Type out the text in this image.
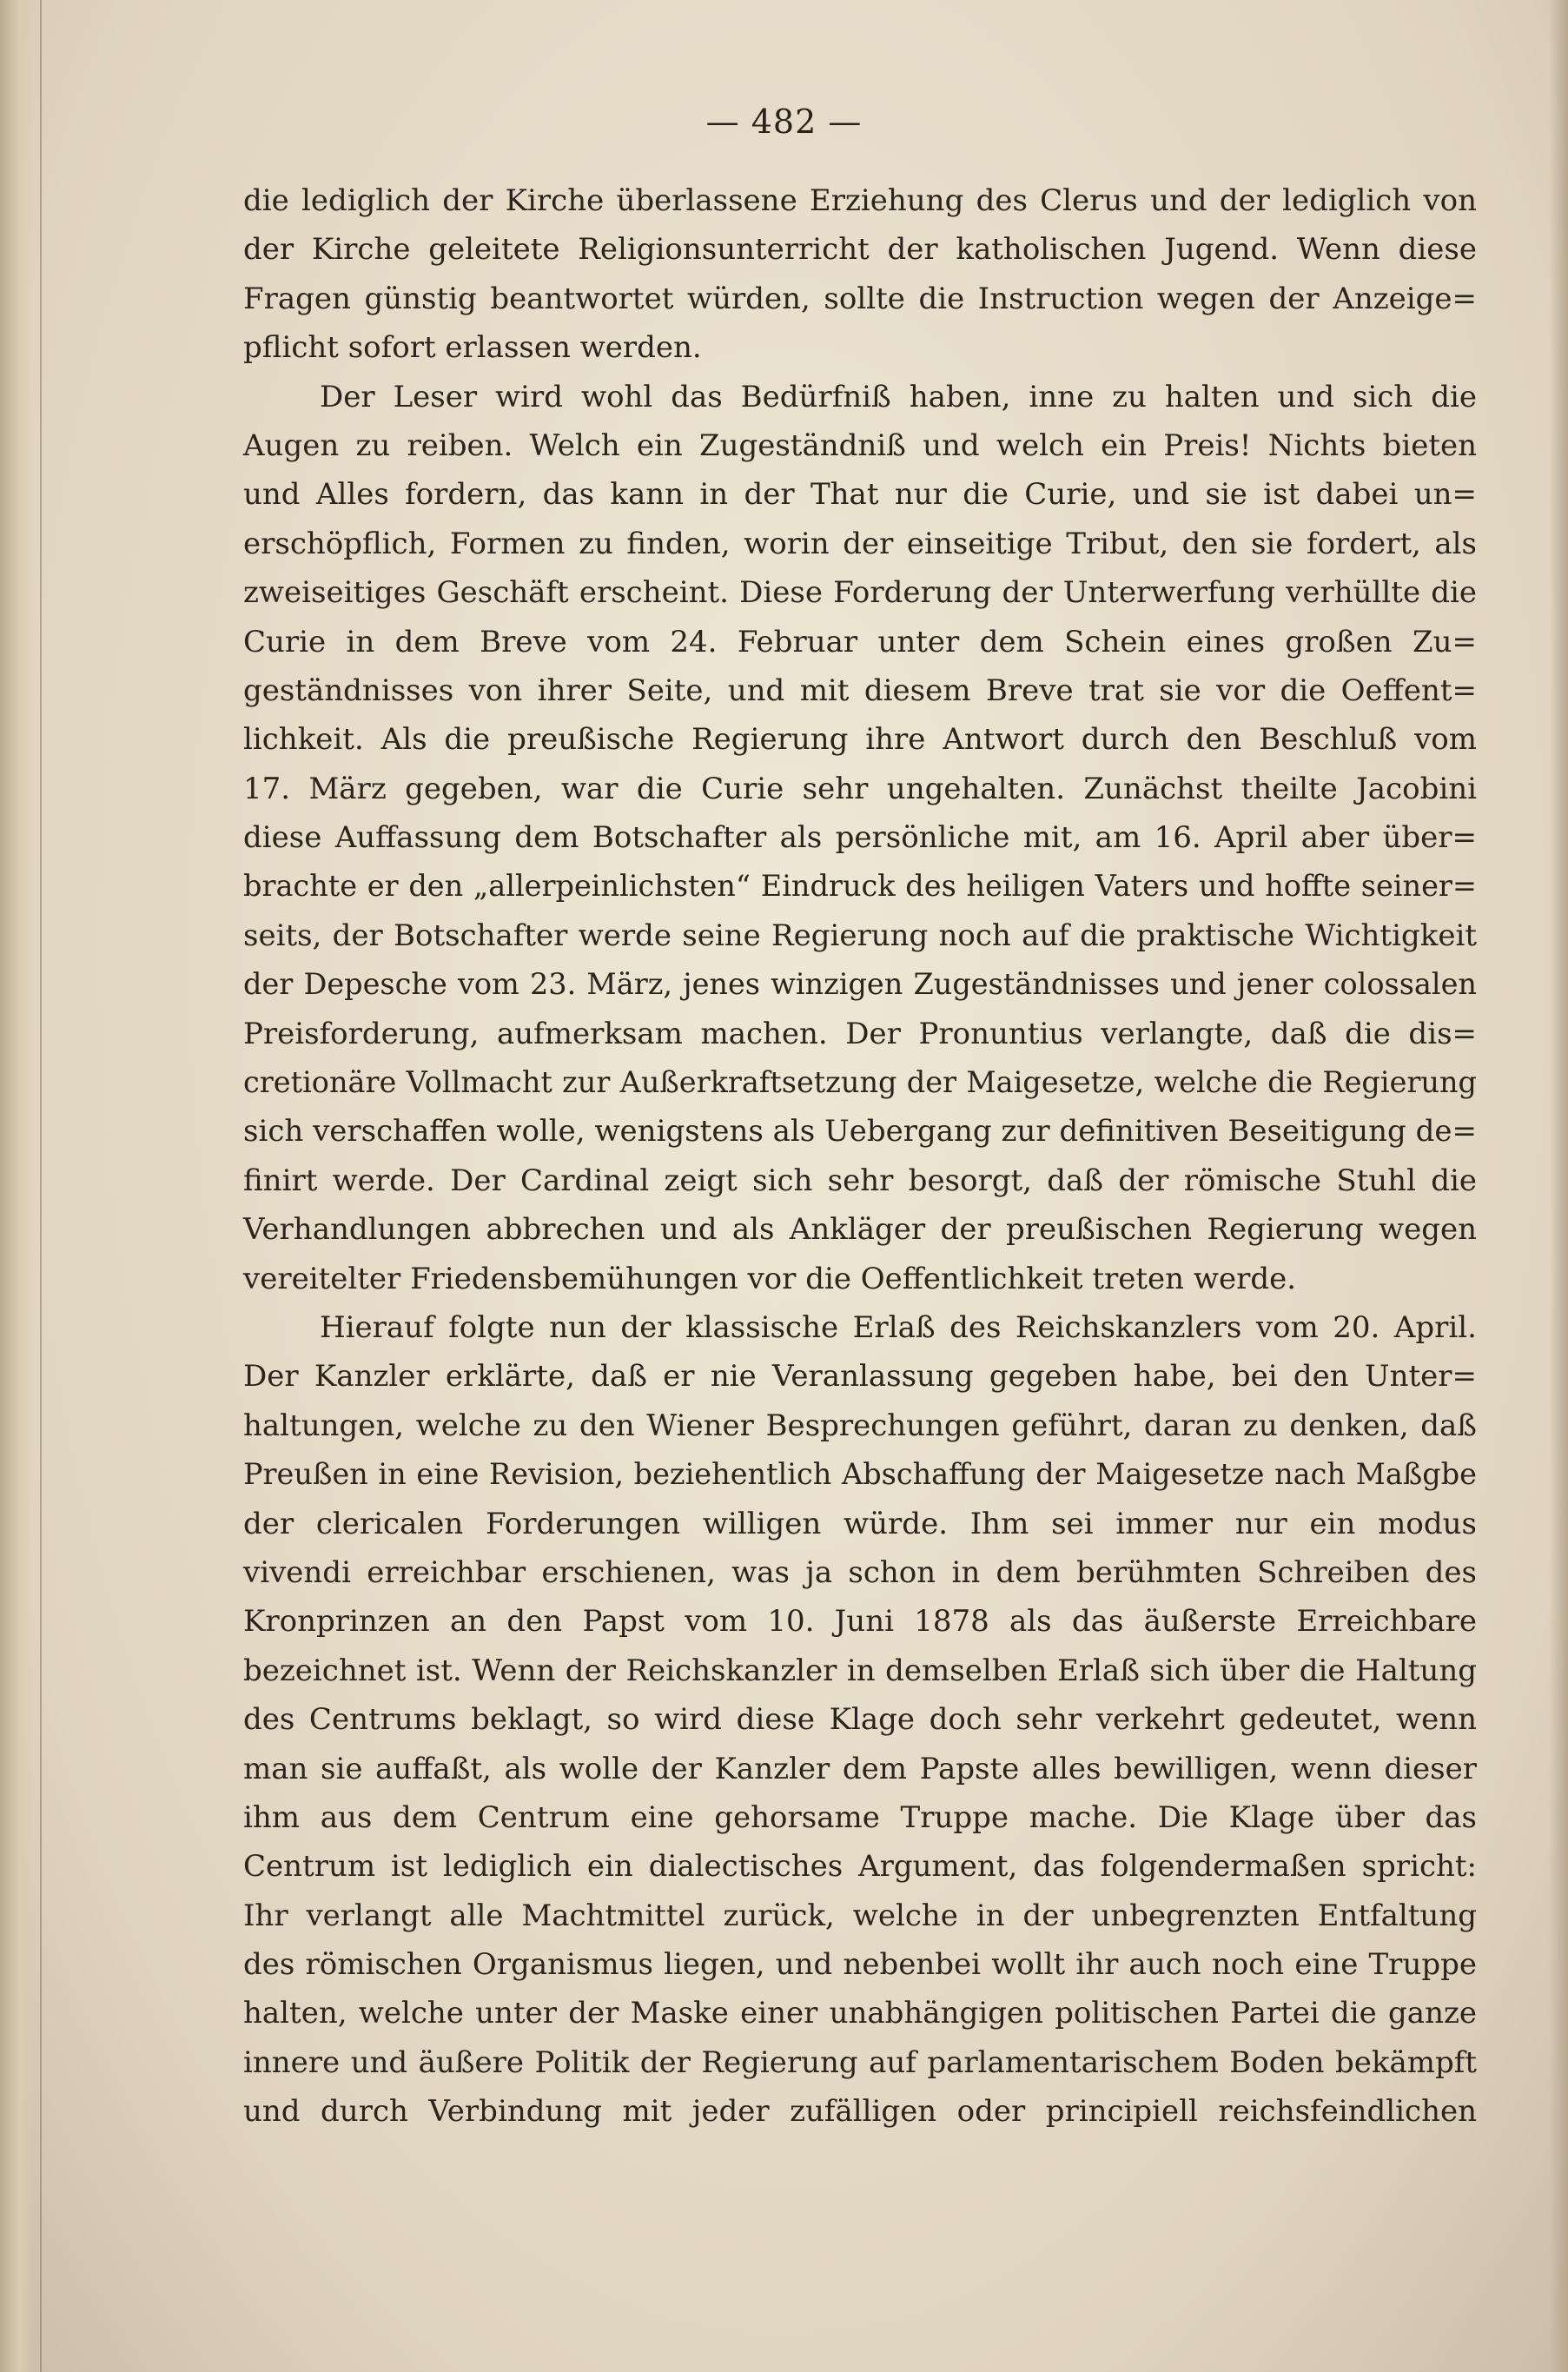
— 482 —
die lediglich der Kirche überlassene Erziehung des Clerus und der lediglich von
der Kirche geleitete Religionsunterricht der katholischen Jugend. Wenn diese
Fragen günstig beantwortet würden, sollte die Instruction wegen der Anzeige=
pflicht sofort erlassen werden.
Der Leser wird wohl das Bedürfniß haben, inne zu halten und sich die
Augen zu reiben. Welch ein Zugeständniß und welch ein Preis! Nichts bieten
und Alles fordern, das kann in der That nur die Curie, und sie ist dabei un=
erschöpflich, Formen zu finden, worin der einseitige Tribut, den sie fordert, als
zweiseitiges Geschäft erscheint. Diese Forderung der Unterwerfung verhüllte die
Curie in dem Breve vom 24. Februar unter dem Schein eines großen Zu=
geständnisses von ihrer Seite, und mit diesem Breve trat sie vor die Oeffent=
lichkeit. Als die preußische Regierung ihre Antwort durch den Beschluß vom
17. März gegeben, war die Curie sehr ungehalten. Zunächst theilte Jacobini
diese Auffassung dem Botschafter als persönliche mit, am 16. April aber über=
brachte er den „allerpeinlichsten“ Eindruck des heiligen Vaters und hoffte seiner=
seits, der Botschafter werde seine Regierung noch auf die praktische Wichtigkeit
der Depesche vom 23. März, jenes winzigen Zugeständnisses und jener colossalen
Preisforderung, aufmerksam machen. Der Pronuntius verlangte, daß die dis=
cretionäre Vollmacht zur Außerkraftsetzung der Maigesetze, welche die Regierung
sich verschaffen wolle, wenigstens als Uebergang zur definitiven Beseitigung de=
finirt werde. Der Cardinal zeigt sich sehr besorgt, daß der römische Stuhl die
Verhandlungen abbrechen und als Ankläger der preußischen Regierung wegen
vereitelter Friedensbemühungen vor die Oeffentlichkeit treten werde.
Hierauf folgte nun der klassische Erlaß des Reichskanzlers vom 20. April.
Der Kanzler erklärte, daß er nie Veranlassung gegeben habe, bei den Unter=
haltungen, welche zu den Wiener Besprechungen geführt, daran zu denken, daß
Preußen in eine Revision, beziehentlich Abschaffung der Maigesetze nach Maßgbe
der clericalen Forderungen willigen würde. Ihm sei immer nur ein modus
vivendi erreichbar erschienen, was ja schon in dem berühmten Schreiben des
Kronprinzen an den Papst vom 10. Juni 1878 als das äußerste Erreichbare
bezeichnet ist. Wenn der Reichskanzler in demselben Erlaß sich über die Haltung
des Centrums beklagt, so wird diese Klage doch sehr verkehrt gedeutet, wenn
man sie auffaßt, als wolle der Kanzler dem Papste alles bewilligen, wenn dieser
ihm aus dem Centrum eine gehorsame Truppe mache. Die Klage über das
Centrum ist lediglich ein dialectisches Argument, das folgendermaßen spricht:
Ihr verlangt alle Machtmittel zurück, welche in der unbegrenzten Entfaltung
des römischen Organismus liegen, und nebenbei wollt ihr auch noch eine Truppe
halten, welche unter der Maske einer unabhängigen politischen Partei die ganze
innere und äußere Politik der Regierung auf parlamentarischem Boden bekämpft
und durch Verbindung mit jeder zufälligen oder principiell reichsfeindlichen
